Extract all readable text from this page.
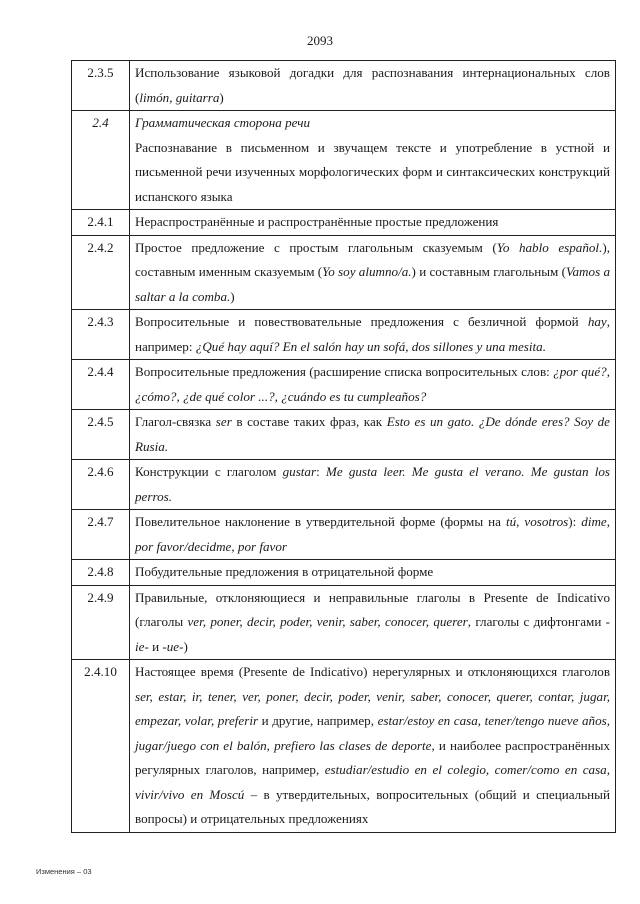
2093
2.3.5	Использование языковой догадки для распознавания интернациональных слов (limón, guitarra)

2.4	Грамматическая сторона речи
Распознавание в письменном и звучащем тексте и употребление в устной и письменной речи изученных морфологических форм и синтаксических конструкций испанского языка

2.4.1	Нераспространённые и распространённые простые предложения

2.4.2	Простое предложение с простым глагольным сказуемым (Yo hablo español.), составным именным сказуемым (Yo soy alumno/a.) и составным глагольным (Vamos a saltar a la comba.)

2.4.3	Вопросительные и повествовательные предложения с безличной формой hay, например: ¿Qué hay aquí? En el salón hay un sofá, dos sillones y una mesita.

2.4.4	Вопросительные предложения (расширение списка вопросительных слов: ¿por qué?, ¿cómo?, ¿de qué color ...?, ¿cuándo es tu cumpleaños?

2.4.5	Глагол-связка ser в составе таких фраз, как Esto es un gato. ¿De dónde eres? Soy de Rusia.

2.4.6	Конструкции с глаголом gustar: Me gusta leer. Me gusta el verano. Me gustan los perros.

2.4.7	Повелительное наклонение в утвердительной форме (формы на tú, vosotros): dime, por favor/decidme, por favor

2.4.8	Побудительные предложения в отрицательной форме

2.4.9	Правильные, отклоняющиеся и неправильные глаголы в Presente de Indicativo (глаголы ver, poner, decir, poder, venir, saber, conocer, querer, глаголы с дифтонгами -ie- и -ue-)

2.4.10	Настоящее время (Presente de Indicativo) нерегулярных и отклоняющихся глаголов ser, estar, ir, tener, ver, poner, decir, poder, venir, saber, conocer, querer, contar, jugar, empezar, volar, preferir и другие, например, estar/estoy en casa, tener/tengo nueve años, jugar/juego con el balón, prefiero las clases de deporte, и наиболее распространённых регулярных глаголов, например, estudiar/estudio en el colegio, comer/como en casa, vivir/vivo en Moscú – в утвердительных, вопросительных (общий и специальный вопросы) и отрицательных предложениях
Изменения – 03
